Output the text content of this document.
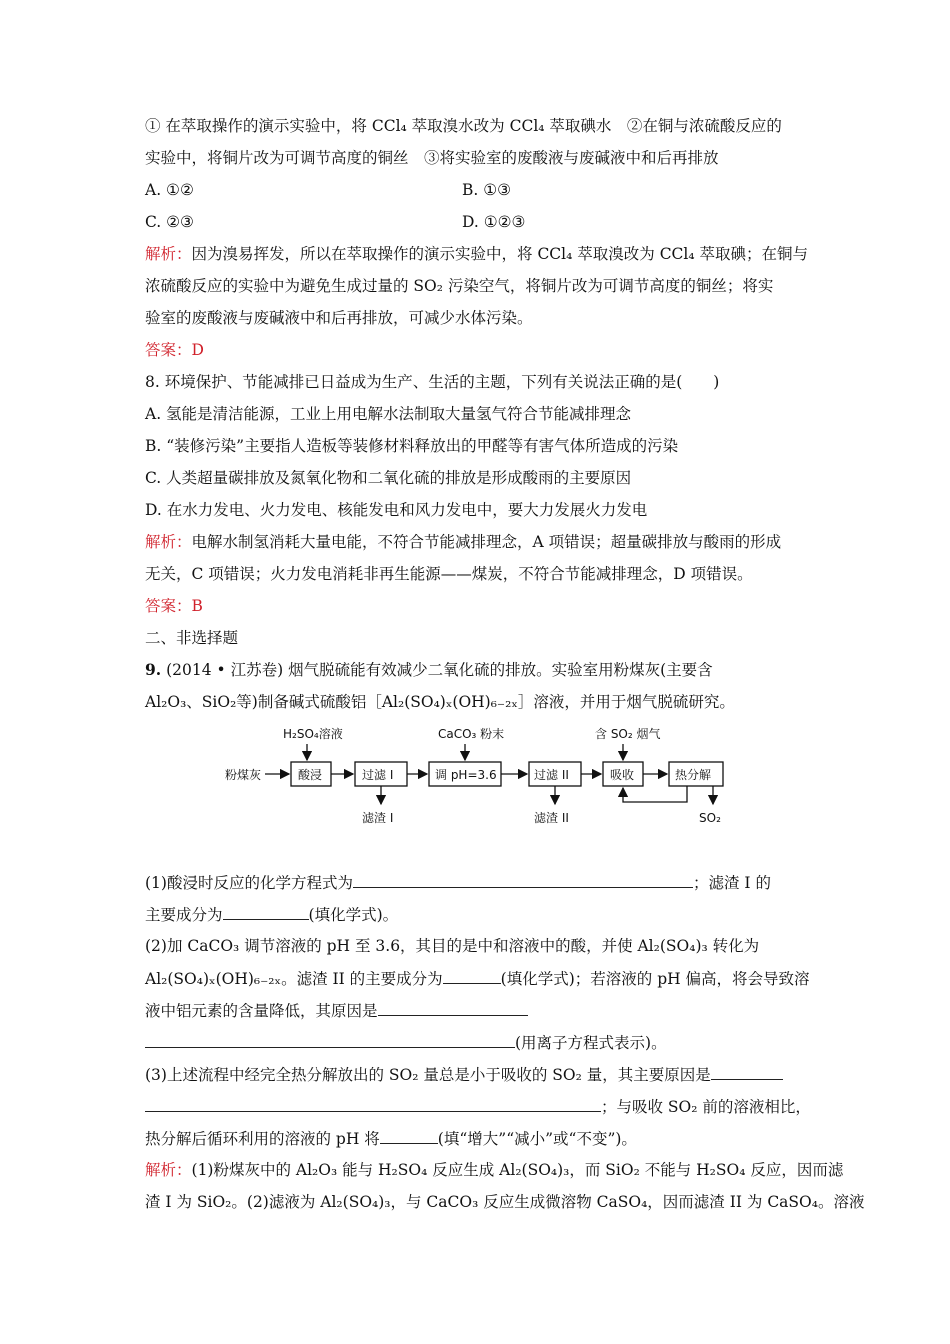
① 在萃取操作的演示实验中，将 CCl₄ 萃取溴水改为 CCl₄ 萃取碘水　②在铜与浓硫酸反应的
实验中，将铜片改为可调节高度的铜丝　③将实验室的废酸液与废碱液中和后再排放
A. ①②	B. ①③
C. ②③	D. ①②③
解析：因为溴易挥发，所以在萃取操作的演示实验中，将 CCl₄ 萃取溴改为 CCl₄ 萃取碘；在铜与
浓硫酸反应的实验中为避免生成过量的 SO₂ 污染空气，将铜片改为可调节高度的铜丝；将实
验室的废酸液与废碱液中和后再排放，可减少水体污染。
答案：D
8. 环境保护、节能减排已日益成为生产、生活的主题，下列有关说法正确的是(　　)
A. 氢能是清洁能源，工业上用电解水法制取大量氢气符合节能减排理念
B. “装修污染”主要指人造板等装修材料释放出的甲醛等有害气体所造成的污染
C. 人类超量碳排放及氮氧化物和二氧化硫的排放是形成酸雨的主要原因
D. 在水力发电、火力发电、核能发电和风力发电中，要大力发展火力发电
解析：电解水制氢消耗大量电能，不符合节能减排理念，A 项错误；超量碳排放与酸雨的形成
无关，C 项错误；火力发电消耗非再生能源——煤炭，不符合节能减排理念，D 项错误。
答案：B
二、非选择题
9. (2014 • 江苏卷) 烟气脱硫能有效减少二氧化硫的排放。实验室用粉煤灰(主要含
Al₂O₃、SiO₂等)制备碱式硫酸铝［Al₂(SO₄)ₓ(OH)₆₋₂ₓ］溶液，并用于烟气脱硫研究。
粉煤灰
H₂SO₄溶液
酸浸	过滤 I
滤渣 I
CaCO₃ 粉末
调 pH=3.6	过滤 II
滤渣 II
含 SO₂ 烟气
吸收	热分解
SO₂
(1)酸浸时反应的化学方程式为	；滤渣 I 的
主要成分为	(填化学式)。
(2)加 CaCO₃ 调节溶液的 pH 至 3.6，其目的是中和溶液中的酸，并使 Al₂(SO₄)₃ 转化为
Al₂(SO₄)ₓ(OH)₆₋₂ₓ。滤渣 II 的主要成分为	(填化学式)；若溶液的 pH 偏高，将会导致溶
液中铝元素的含量降低，其原因是
(用离子方程式表示)。
(3)上述流程中经完全热分解放出的 SO₂ 量总是小于吸收的 SO₂ 量，其主要原因是
；与吸收 SO₂ 前的溶液相比，
热分解后循环利用的溶液的 pH 将	(填“增大”“减小”或“不变”)。
解析：(1)粉煤灰中的 Al₂O₃ 能与 H₂SO₄ 反应生成 Al₂(SO₄)₃，而 SiO₂ 不能与 H₂SO₄ 反应，因而滤
渣 I 为 SiO₂。(2)滤液为 Al₂(SO₄)₃，与 CaCO₃ 反应生成微溶物 CaSO₄，因而滤渣 II 为 CaSO₄。溶液
